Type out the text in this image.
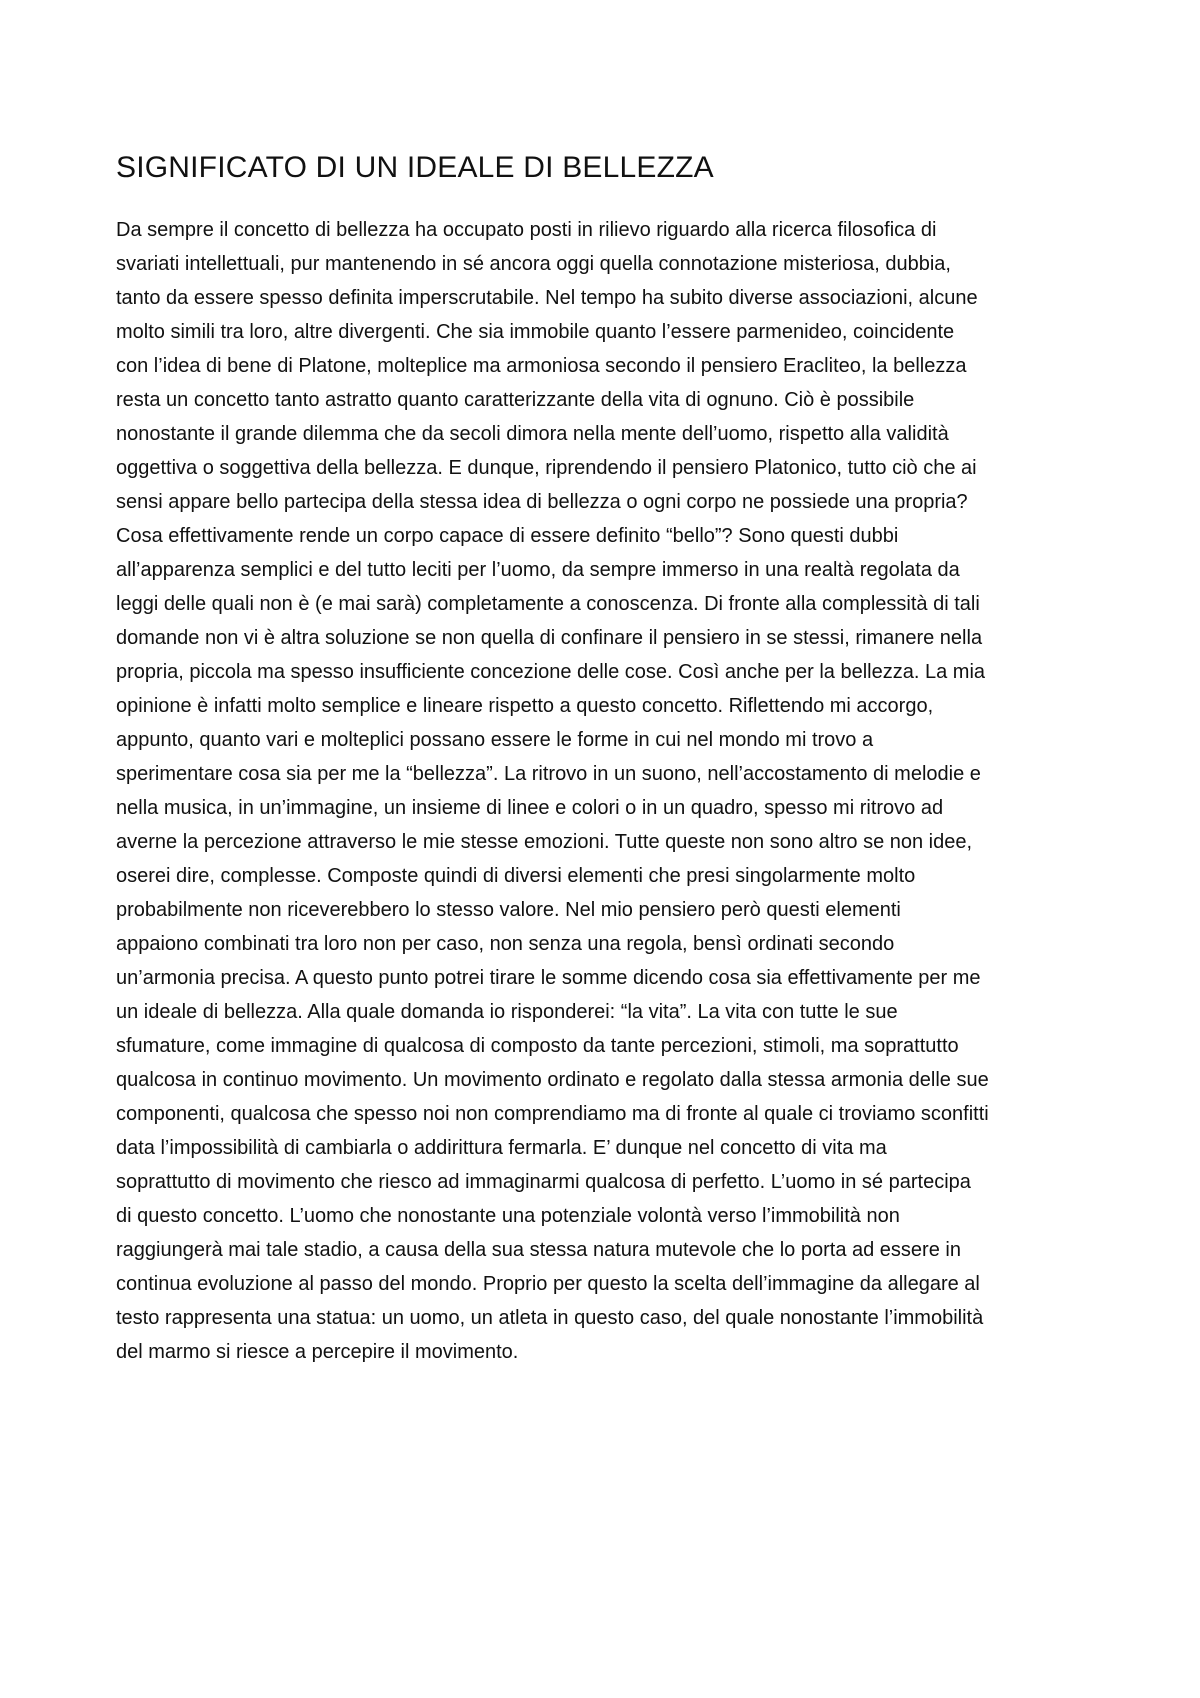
SIGNIFICATO DI UN IDEALE DI BELLEZZA
Da sempre il concetto di bellezza ha occupato posti in rilievo riguardo alla ricerca filosofica di
svariati intellettuali, pur mantenendo in sé ancora oggi quella connotazione misteriosa, dubbia,
tanto da essere spesso definita imperscrutabile. Nel tempo ha subito diverse associazioni, alcune
molto simili tra loro, altre divergenti. Che sia immobile quanto l’essere parmenideo, coincidente
con l’idea di bene di Platone, molteplice ma armoniosa secondo il pensiero Eracliteo, la bellezza
resta un concetto tanto astratto quanto caratterizzante della vita di ognuno. Ciò è possibile
nonostante il grande dilemma che da secoli dimora nella mente dell’uomo, rispetto alla validità
oggettiva o soggettiva della bellezza. E dunque, riprendendo il pensiero Platonico, tutto ciò che ai
sensi appare bello partecipa della stessa idea di bellezza o ogni corpo ne possiede una propria?
Cosa effettivamente rende un corpo capace di essere definito “bello”? Sono questi dubbi
all’apparenza semplici e del tutto leciti per l’uomo, da sempre immerso in una realtà regolata da
leggi delle quali non è (e mai sarà) completamente a conoscenza. Di fronte alla complessità di tali
domande non vi è altra soluzione se non quella di confinare il pensiero in se stessi, rimanere nella
propria, piccola ma spesso insufficiente concezione delle cose. Così anche per la bellezza. La mia
opinione è infatti molto semplice e lineare rispetto a questo concetto. Riflettendo mi accorgo,
appunto, quanto vari e molteplici possano essere le forme in cui nel mondo mi trovo a
sperimentare cosa sia per me la “bellezza”. La ritrovo in un suono, nell’accostamento di melodie e
nella musica, in un’immagine, un insieme di linee e colori o in un quadro, spesso mi ritrovo ad
averne la percezione attraverso le mie stesse emozioni. Tutte queste non sono altro se non idee,
oserei dire, complesse. Composte quindi di diversi elementi che presi singolarmente molto
probabilmente non riceverebbero lo stesso valore. Nel mio pensiero però questi elementi
appaiono combinati tra loro non per caso, non senza una regola, bensì ordinati secondo
un’armonia precisa. A questo punto potrei tirare le somme dicendo cosa sia effettivamente per me
un ideale di bellezza. Alla quale domanda io risponderei: “la vita”. La vita con tutte le sue
sfumature, come immagine di qualcosa di composto da tante percezioni, stimoli, ma soprattutto
qualcosa in continuo movimento. Un movimento ordinato e regolato dalla stessa armonia delle sue
componenti, qualcosa che spesso noi non comprendiamo ma di fronte al quale ci troviamo sconfitti
data l’impossibilità di cambiarla o addirittura fermarla. E’ dunque nel concetto di vita ma
soprattutto di movimento che riesco ad immaginarmi qualcosa di perfetto. L’uomo in sé partecipa
di questo concetto. L’uomo che nonostante una potenziale volontà verso l’immobilità non
raggiungerà mai tale stadio, a causa della sua stessa natura mutevole che lo porta ad essere in
continua evoluzione al passo del mondo. Proprio per questo la scelta dell’immagine da allegare al
testo rappresenta una statua: un uomo, un atleta in questo caso, del quale nonostante l’immobilità
del marmo si riesce a percepire il movimento.
